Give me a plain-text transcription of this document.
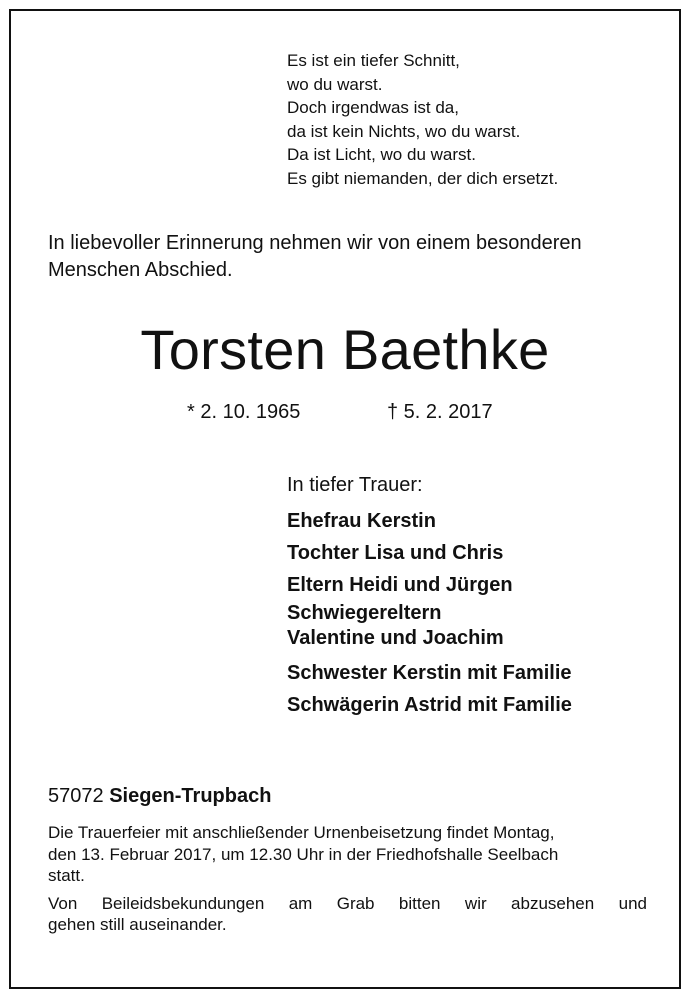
Es ist ein tiefer Schnitt,
wo du warst.
Doch irgendwas ist da,
da ist kein Nichts, wo du warst.
Da ist Licht, wo du warst.
Es gibt niemanden, der dich ersetzt.
In liebevoller Erinnerung nehmen wir von einem besonderen
Menschen Abschied.
Torsten Baethke
* 2. 10. 1965	† 5. 2. 2017
In tiefer Trauer:
Ehefrau Kerstin
Tochter Lisa und Chris
Eltern Heidi und Jürgen
Schwiegereltern
Valentine und Joachim
Schwester Kerstin mit Familie
Schwägerin Astrid mit Familie
57072 Siegen-Trupbach
Die Trauerfeier mit anschließender Urnenbeisetzung findet Montag,
den 13. Februar 2017, um 12.30 Uhr in der Friedhofshalle Seelbach
statt.
Von Beileidsbekundungen am Grab bitten wir abzusehen und
gehen still auseinander.
